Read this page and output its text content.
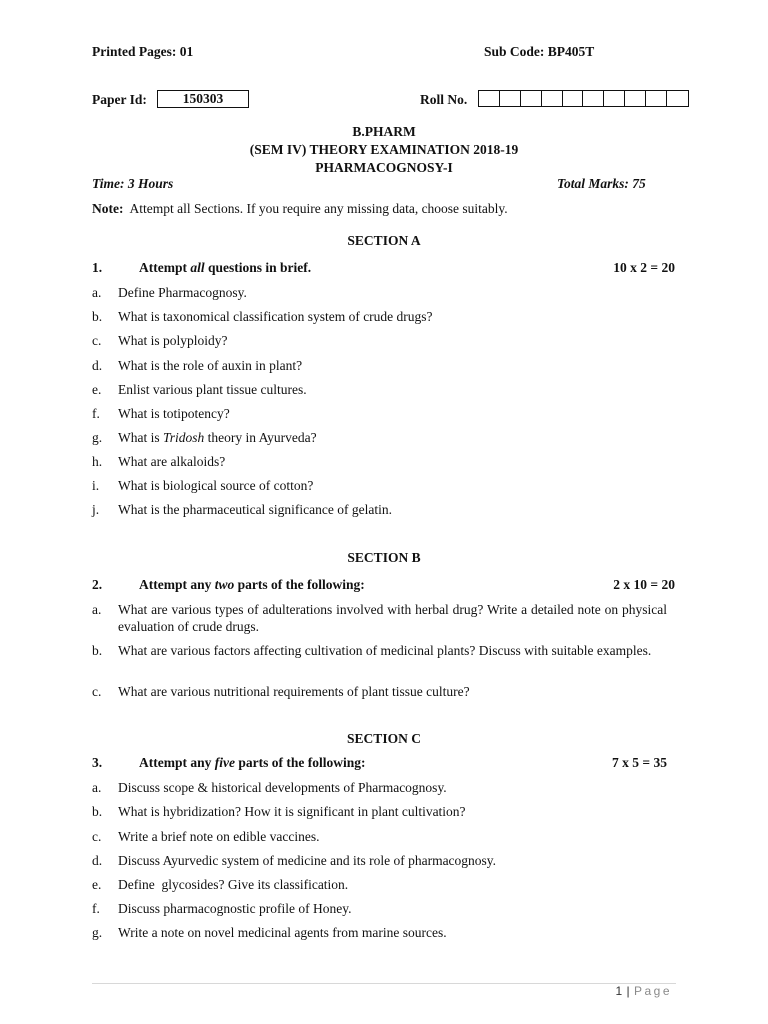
Printed Pages: 01	Sub Code: BP405T
Paper Id:	150303	Roll No.
B.PHARM
(SEM IV) THEORY EXAMINATION 2018-19
PHARMACOGNOSY-I
Time: 3 Hours	Total Marks: 75
Note: Attempt all Sections. If you require any missing data, choose suitably.
SECTION A
1.	Attempt all questions in brief.	10 x 2 = 20
a. Define Pharmacognosy.
b. What is taxonomical classification system of crude drugs?
c. What is polyploidy?
d. What is the role of auxin in plant?
e. Enlist various plant tissue cultures.
f. What is totipotency?
g. What is Tridosh theory in Ayurveda?
h. What are alkaloids?
i. What is biological source of cotton?
j. What is the pharmaceutical significance of gelatin.
SECTION B
2.	Attempt any two parts of the following:	2 x 10 = 20
a. What are various types of adulterations involved with herbal drug? Write a detailed note on physical evaluation of crude drugs.
b. What are various factors affecting cultivation of medicinal plants? Discuss with suitable examples.
c. What are various nutritional requirements of plant tissue culture?
SECTION C
3.	Attempt any five parts of the following:	7 x 5 = 35
a. Discuss scope & historical developments of Pharmacognosy.
b. What is hybridization? How it is significant in plant cultivation?
c. Write a brief note on edible vaccines.
d. Discuss Ayurvedic system of medicine and its role of pharmacognosy.
e. Define  glycosides? Give its classification.
f. Discuss pharmacognostic profile of Honey.
g. Write a note on novel medicinal agents from marine sources.
1 | Page
